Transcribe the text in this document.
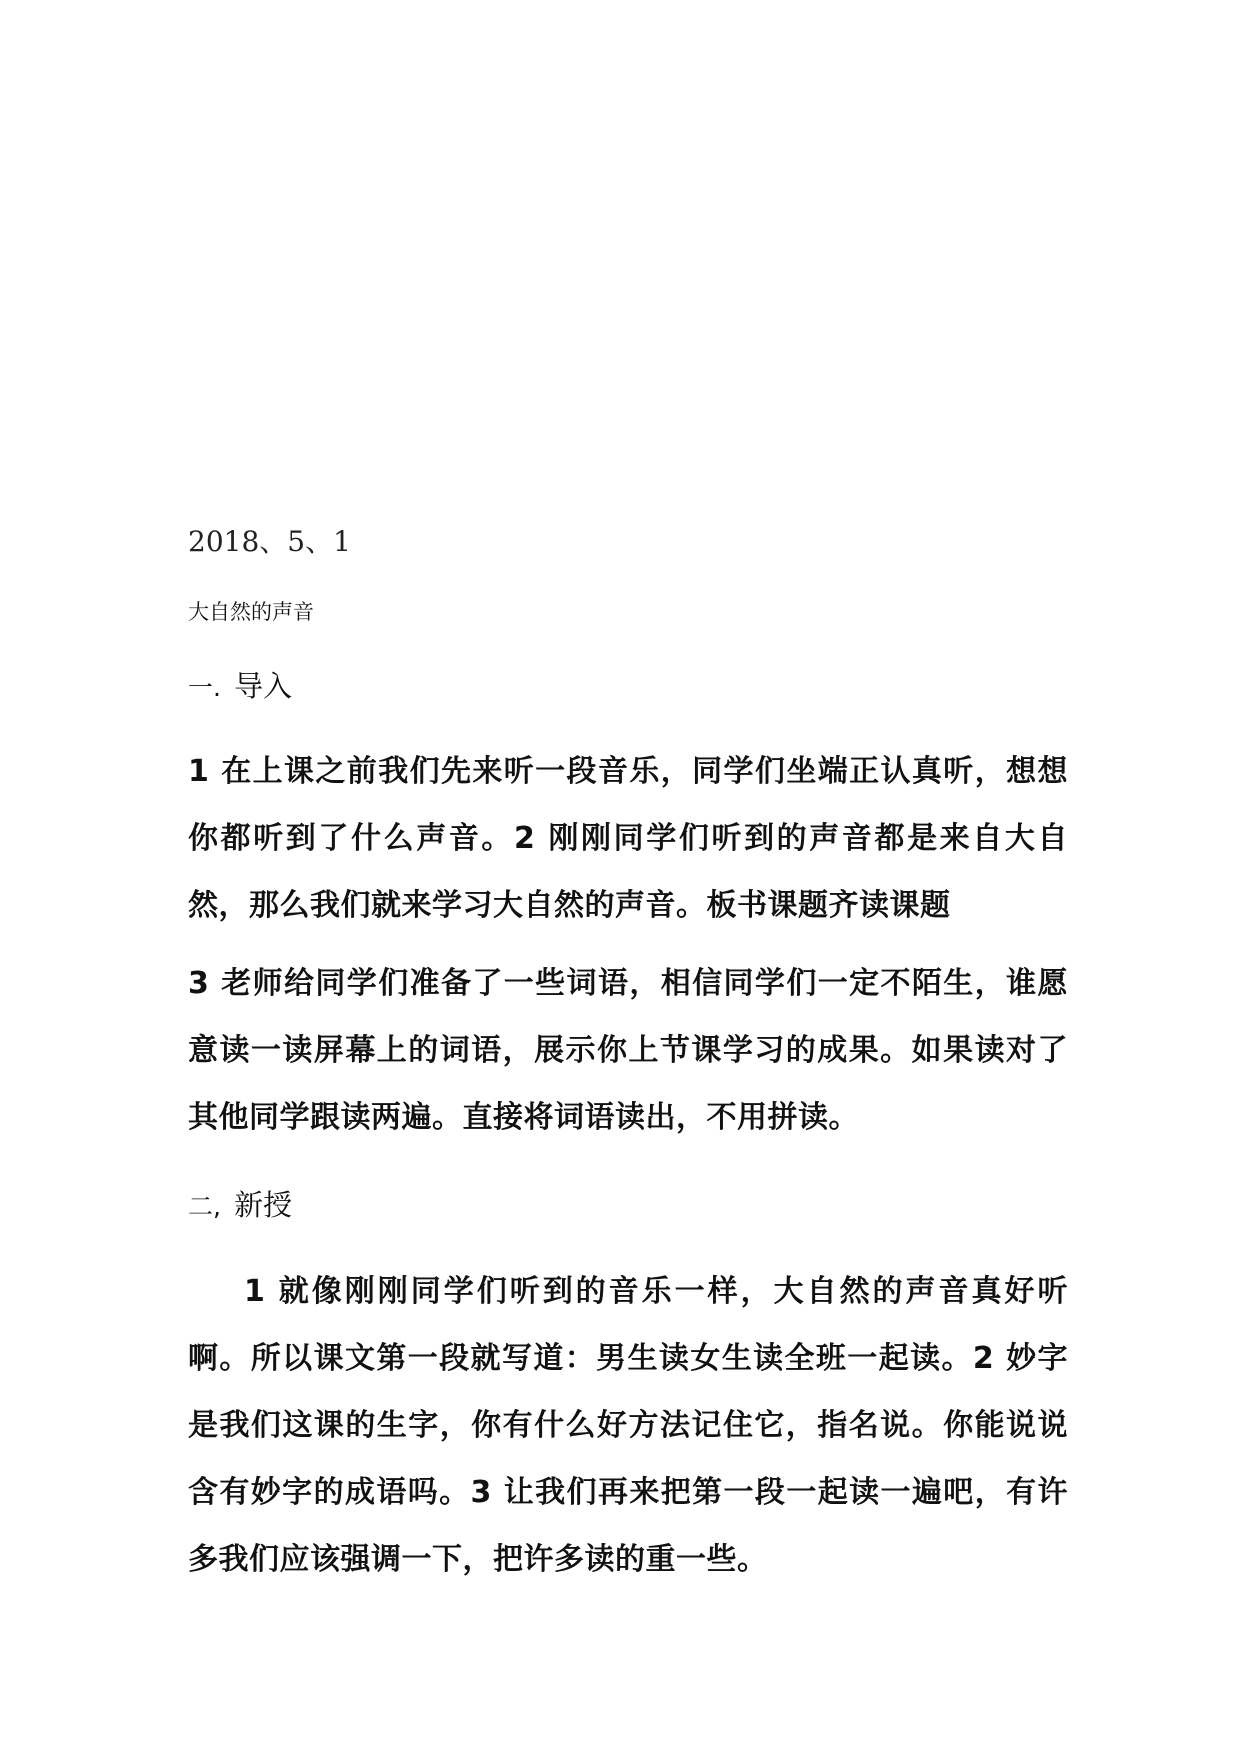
2018、5、1
大自然的声音
一. 导入

1 在上课之前我们先来听一段音乐，同学们坐端正认真听，想想你都听到了什么声音。2 刚刚同学们听到的声音都是来自大自然，那么我们就来学习大自然的声音。板书课题齐读课题

3 老师给同学们准备了一些词语，相信同学们一定不陌生，谁愿意读一读屏幕上的词语，展示你上节课学习的成果。如果读对了其他同学跟读两遍。直接将词语读出，不用拼读。

二, 新授

1 就像刚刚同学们听到的音乐一样，大自然的声音真好听啊。所以课文第一段就写道：男生读女生读全班一起读。2 妙字是我们这课的生字，你有什么好方法记住它，指名说。你能说说含有妙字的成语吗。3 让我们再来把第一段一起读一遍吧，有许多我们应该强调一下，把许多读的重一些。
